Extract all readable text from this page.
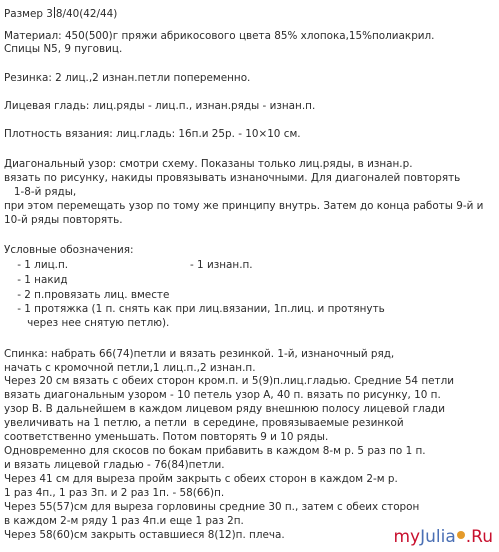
Размер 3 8/40(42/44)
Материал: 450(500)г пряжи абрикосового цвета 85% хлопока,15%полиакрил.
Спицы N5, 9 пуговиц.
Резинка: 2 лиц.,2 изнан.петли попеременно.
Лицевая гладь: лиц.ряды - лиц.п., изнан.ряды - изнан.п.
Плотность вязания: лиц.гладь: 16п.и 25р. - 10×10 см.
Диагональный узор: смотри схему. Показаны только лиц.ряды, в изнан.р.
вязать по рисунку, накиды провязывать изнаночными. Для диагоналей повторять
1-8-й ряды,
при этом перемещать узор по тому же принципу внутрь. Затем до конца работы 9-й и
10-й ряды повторять.
Условные обозначения:
- 1 лиц.п.	- 1 изнан.п.
- 1 накид
- 2 п.провязать лиц. вместе
- 1 протяжка (1 п. снять как при лиц.вязании, 1п.лиц. и протянуть
через нее снятую петлю).
Спинка: набрать 66(74)петли и вязать резинкой. 1-й, изнаночный ряд,
начать с кромочной петли,1 лиц.п.,2 изнан.п.
Через 20 см вязать с обеих сторон кром.п. и 5(9)п.лиц.гладью. Средние 54 петли
вязать диагональным узором - 10 петель узор А, 40 п. вязать по рисунку, 10 п.
узор В. В дальнейшем в каждом лицевом ряду внешнюю полосу лицевой глади
увеличивать на 1 петлю, а петли  в середине, провязываемые резинкой
соответственно уменьшать. Потом повторять 9 и 10 ряды.
Одновременно для скосов по бокам прибавить в каждом 8-м р. 5 раз по 1 п.
и вязать лицевой гладью - 76(84)петли.
Через 41 см для выреза пройм закрыть с обеих сторон в каждом 2-м р.
1 раз 4п., 1 раз 3п. и 2 раз 1п. - 58(66)п.
Через 55(57)см для выреза горловины средние 30 п., затем с обеих сторон
в каждом 2-м ряду 1 раз 4п.и еще 1 раз 2п.
Через 58(60)см закрыть оставшиеся 8(12)п. плеча.	myJulia .Ru
